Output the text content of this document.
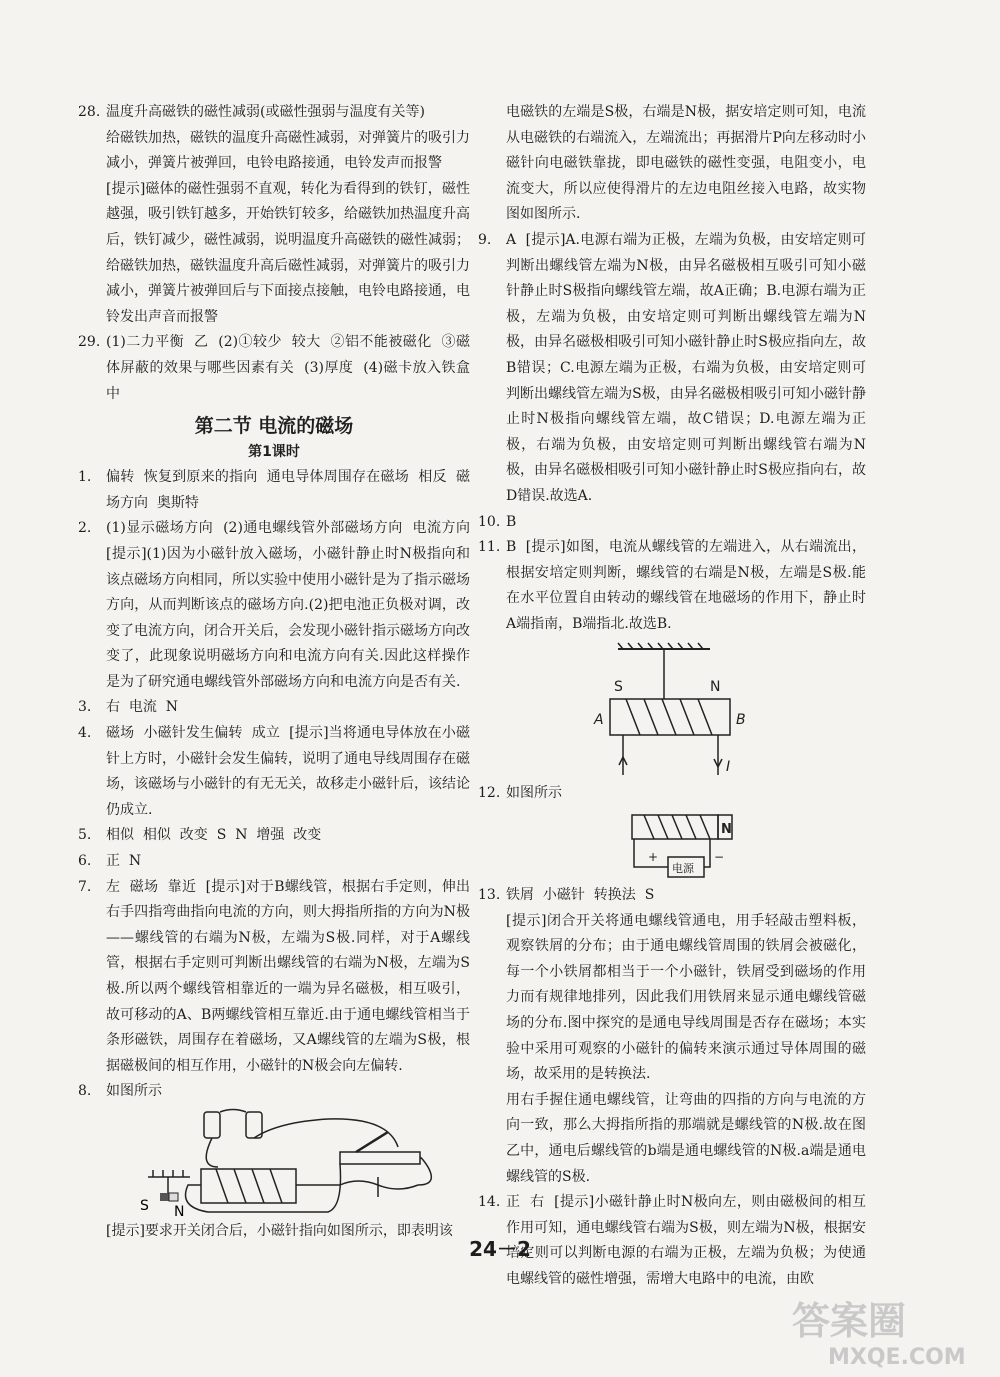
28. 温度升高磁铁的磁性减弱(或磁性强弱与温度有关等)

给磁铁加热，磁铁的温度升高磁性减弱，对弹簧片的吸引力减小，弹簧片被弹回，电铃电路接通，电铃发声而报警

[提示]磁体的磁性强弱不直观，转化为看得到的铁钉，磁性越强，吸引铁钉越多，开始铁钉较多，给磁铁加热温度升高后，铁钉减少，磁性减弱，说明温度升高磁铁的磁性减弱；给磁铁加热，磁铁温度升高后磁性减弱，对弹簧片的吸引力减小，弹簧片被弹回后与下面接点接触，电铃电路接通，电铃发出声音而报警

29. (1)二力平衡  乙  (2)①较少  较大  ②铝不能被磁化  ③磁体屏蔽的效果与哪些因素有关  (3)厚度  (4)磁卡放入铁盒中

第二节 电流的磁场
第1课时
1. 偏转  恢复到原来的指向  通电导体周围存在磁场  相反  磁场方向  奥斯特

2. (1)显示磁场方向  (2)通电螺线管外部磁场方向  电流方向  [提示](1)因为小磁针放入磁场，小磁针静止时N极指向和该点磁场方向相同，所以实验中使用小磁针是为了指示磁场方向，从而判断该点的磁场方向.(2)把电池正负极对调，改变了电流方向，闭合开关后，会发现小磁针指示磁场方向改变了，此现象说明磁场方向和电流方向有关.因此这样操作是为了研究通电螺线管外部磁场方向和电流方向是否有关.

3. 右  电流  N

4. 磁场  小磁针发生偏转  成立  [提示]当将通电导体放在小磁针上方时，小磁针会发生偏转，说明了通电导线周围存在磁场，该磁场与小磁针的有无无关，故移走小磁针后，该结论仍成立.

5. 相似  相似  改变  S  N  增强  改变

6. 正  N

7. 左  磁场  靠近  [提示]对于B螺线管，根据右手定则，伸出右手四指弯曲指向电流的方向，则大拇指所指的方向为N极——螺线管的右端为N极，左端为S极.同样，对于A螺线管，根据右手定则可判断出螺线管的右端为N极，左端为S极.所以两个螺线管相靠近的一端为异名磁极，相互吸引，故可移动的A、B两螺线管相互靠近.由于通电螺线管相当于条形磁铁，周围存在着磁场，又A螺线管的左端为S极，根据磁极间的相互作用，小磁针的N极会向左偏转.

8. 如图所示

S N

[提示]要求开关闭合后，小磁针指向如图所示，即表明该

电磁铁的左端是S极，右端是N极，据安培定则可知，电流从电磁铁的右端流入，左端流出；再据滑片P向左移动时小磁针向电磁铁靠拢，即电磁铁的磁性变强，电阻变小，电流变大，所以应使得滑片的左边电阻丝接入电路，故实物图如图所示.

9. A  [提示]A.电源右端为正极，左端为负极，由安培定则可判断出螺线管左端为N极，由异名磁极相互吸引可知小磁针静止时S极指向螺线管左端，故A正确；B.电源右端为正极，左端为负极，由安培定则可判断出螺线管左端为N极，由异名磁极相吸引可知小磁针静止时S极应指向左，故B错误；C.电源左端为正极，右端为负极，由安培定则可判断出螺线管左端为S极，由异名磁极相吸引可知小磁针静止时N极指向螺线管左端，故C错误；D.电源左端为正极，右端为负极，由安培定则可判断出螺线管右端为N极，由异名磁极相吸引可知小磁针静止时S极应指向右，故D错误.故选A.

10. B

11. B  [提示]如图，电流从螺线管的左端进入，从右端流出，根据安培定则判断，螺线管的右端是N极，左端是S极.能在水平位置自由转动的螺线管在地磁场的作用下，静止时A端指南，B端指北.故选B.

S	N
A	B
I
12. 如图所示

N
+	−
电源
13. 铁屑  小磁针  转换法  S

[提示]闭合开关将通电螺线管通电，用手轻敲击塑料板，观察铁屑的分布；由于通电螺线管周围的铁屑会被磁化，每一个小铁屑都相当于一个小磁针，铁屑受到磁场的作用力而有规律地排列，因此我们用铁屑来显示通电螺线管磁场的分布.图中探究的是通电导线周围是否存在磁场；本实验中采用可观察的小磁针的偏转来演示通过导体周围的磁场，故采用的是转换法.

用右手握住通电螺线管，让弯曲的四指的方向与电流的方向一致，那么大拇指所指的那端就是螺线管的N极.故在图乙中，通电后螺线管的b端是通电螺线管的N极.a端是通电螺线管的S极.

14. 正  右  [提示]小磁针静止时N极向左，则由磁极间的相互作用可知，通电螺线管右端为S极，则左端为N极，根据安培定则可以判断电源的右端为正极，左端为负极；为使通电螺线管的磁性增强，需增大电路中的电流，由欧

24－2
答案圈
MXQE.COM
